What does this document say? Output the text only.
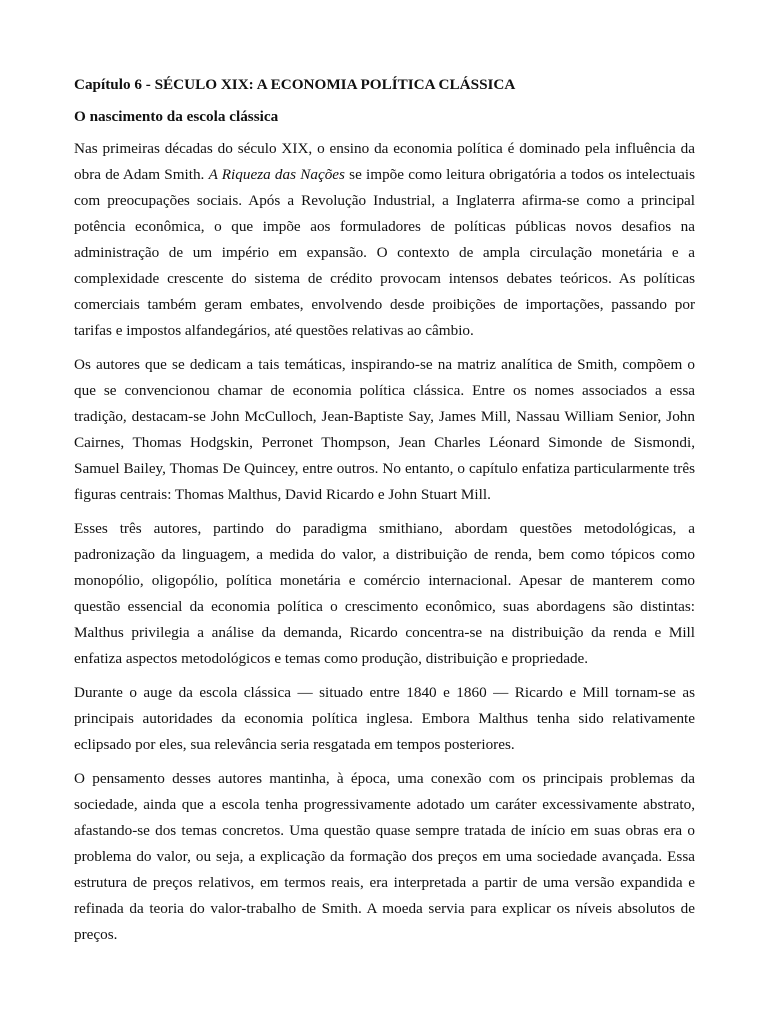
Capítulo 6 - SÉCULO XIX: A ECONOMIA POLÍTICA CLÁSSICA
O nascimento da escola clássica

Nas primeiras décadas do século XIX, o ensino da economia política é dominado pela influência da obra de Adam Smith. A Riqueza das Nações se impõe como leitura obrigatória a todos os intelectuais com preocupações sociais. Após a Revolução Industrial, a Inglaterra afirma-se como a principal potência econômica, o que impõe aos formuladores de políticas públicas novos desafios na administração de um império em expansão. O contexto de ampla circulação monetária e a complexidade crescente do sistema de crédito provocam intensos debates teóricos. As políticas comerciais também geram embates, envolvendo desde proibições de importações, passando por tarifas e impostos alfandegários, até questões relativas ao câmbio.

Os autores que se dedicam a tais temáticas, inspirando-se na matriz analítica de Smith, compõem o que se convencionou chamar de economia política clássica. Entre os nomes associados a essa tradição, destacam-se John McCulloch, Jean-Baptiste Say, James Mill, Nassau William Senior, John Cairnes, Thomas Hodgskin, Perronet Thompson, Jean Charles Léonard Simonde de Sismondi, Samuel Bailey, Thomas De Quincey, entre outros. No entanto, o capítulo enfatiza particularmente três figuras centrais: Thomas Malthus, David Ricardo e John Stuart Mill.

Esses três autores, partindo do paradigma smithiano, abordam questões metodológicas, a padronização da linguagem, a medida do valor, a distribuição de renda, bem como tópicos como monopólio, oligopólio, política monetária e comércio internacional. Apesar de manterem como questão essencial da economia política o crescimento econômico, suas abordagens são distintas: Malthus privilegia a análise da demanda, Ricardo concentra-se na distribuição da renda e Mill enfatiza aspectos metodológicos e temas como produção, distribuição e propriedade.

Durante o auge da escola clássica — situado entre 1840 e 1860 — Ricardo e Mill tornam-se as principais autoridades da economia política inglesa. Embora Malthus tenha sido relativamente eclipsado por eles, sua relevância seria resgatada em tempos posteriores.

O pensamento desses autores mantinha, à época, uma conexão com os principais problemas da sociedade, ainda que a escola tenha progressivamente adotado um caráter excessivamente abstrato, afastando-se dos temas concretos. Uma questão quase sempre tratada de início em suas obras era o problema do valor, ou seja, a explicação da formação dos preços em uma sociedade avançada. Essa estrutura de preços relativos, em termos reais, era interpretada a partir de uma versão expandida e refinada da teoria do valor-trabalho de Smith. A moeda servia para explicar os níveis absolutos de preços.
